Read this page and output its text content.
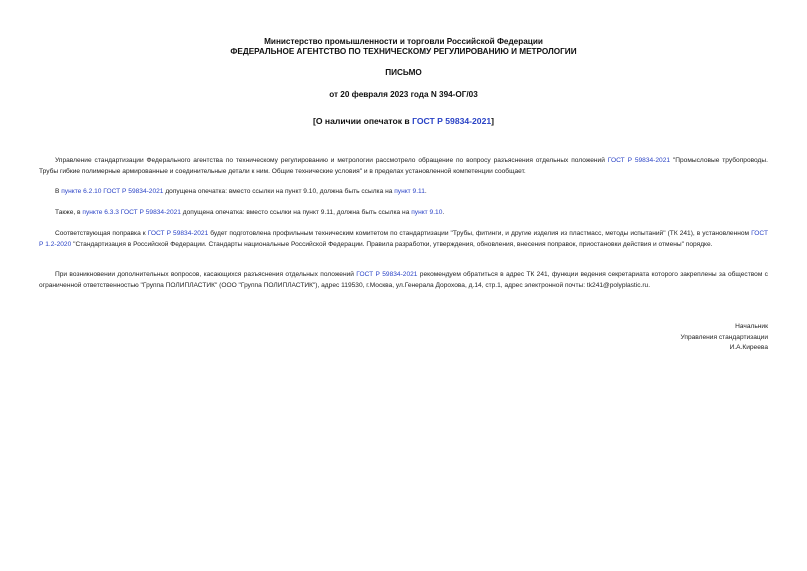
Министерство промышленности и торговли Российской Федерации
ФЕДЕРАЛЬНОЕ АГЕНТСТВО ПО ТЕХНИЧЕСКОМУ РЕГУЛИРОВАНИЮ И МЕТРОЛОГИИ
ПИСЬМО
от 20 февраля 2023 года N 394-ОГ/03
[О наличии опечаток в ГОСТ Р 59834-2021]
Управление стандартизации Федерального агентства по техническому регулированию и метрологии рассмотрело обращение по вопросу разъяснения отдельных положений ГОСТ Р 59834-2021 "Промысловые трубопроводы. Трубы гибкие полимерные армированные и соединительные детали к ним. Общие технические условия" и в пределах установленной компетенции сообщает.
В пункте 6.2.10 ГОСТ Р 59834-2021 допущена опечатка: вместо ссылки на пункт 9.10, должна быть ссылка на пункт 9.11.
Также, в пункте 6.3.3 ГОСТ Р 59834-2021 допущена опечатка: вместо ссылки на пункт 9.11, должна быть ссылка на пункт 9.10.
Соответствующая поправка к ГОСТ Р 59834-2021 будет подготовлена профильным техническим комитетом по стандартизации "Трубы, фитинги, и другие изделия из пластмасс, методы испытаний" (ТК 241), в установленном ГОСТ Р 1.2-2020 "Стандартизация в Российской Федерации. Стандарты национальные Российской Федерации. Правила разработки, утверждения, обновления, внесения поправок, приостановки действия и отмены" порядке.
При возникновении дополнительных вопросов, касающихся разъяснения отдельных положений ГОСТ Р 59834-2021 рекомендуем обратиться в адрес ТК 241, функции ведения секретариата которого закреплены за обществом с ограниченной ответственностью "Группа ПОЛИПЛАСТИК" (ООО "Группа ПОЛИПЛАСТИК"), адрес 119530, г.Москва, ул.Генерала Дорохова, д.14, стр.1, адрес электронной почты: tk241@polyplastic.ru.
Начальник
Управления стандартизации
И.А.Киреева
